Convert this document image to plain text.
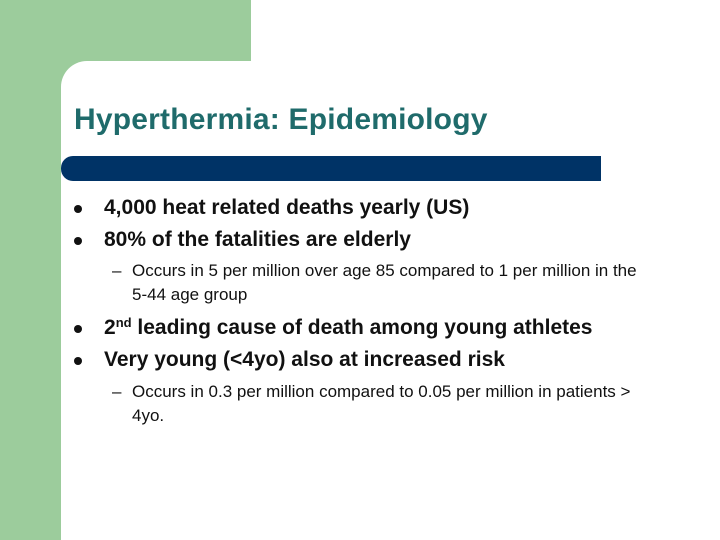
Hyperthermia: Epidemiology
4,000 heat related deaths yearly (US)
80% of the fatalities are elderly
– Occurs in 5 per million over age 85 compared to 1 per million in the 5-44 age group
2nd leading cause of death among young athletes
Very young (<4yo) also at increased risk
– Occurs in 0.3 per million compared to 0.05 per million in patients > 4yo.
